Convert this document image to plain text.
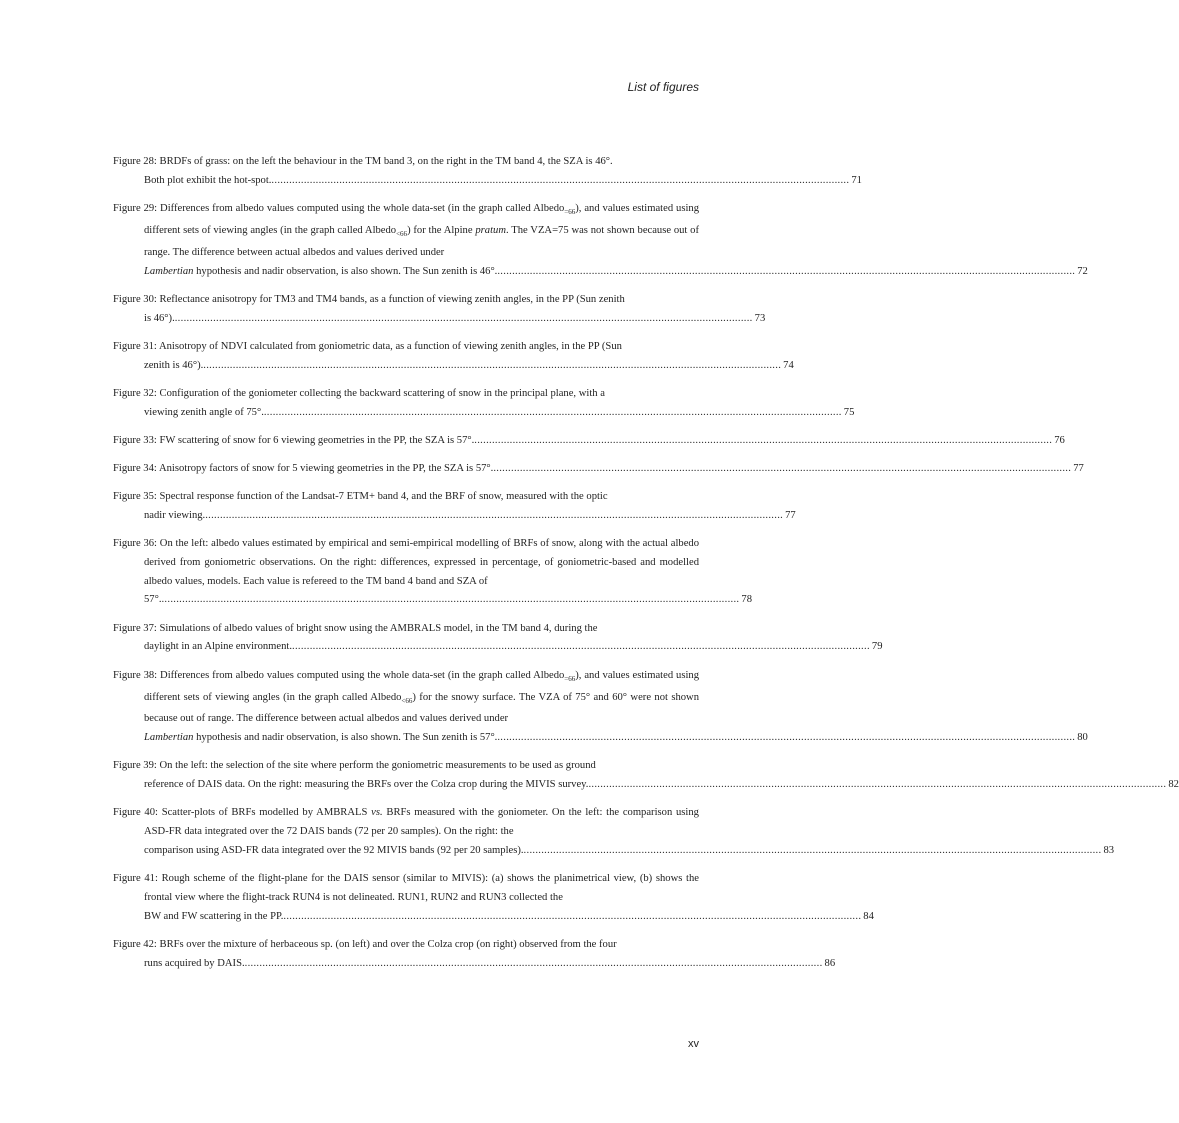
List of figures
Figure 28: BRDFs of grass: on the left the behaviour in the TM band 3, on the right in the TM band 4, the SZA is 46°.
Both plot exhibit the hot-spot. .................................................................................................................................................................................................... 71
Figure 29: Differences from albedo values computed using the whole data-set (in the graph called Albedo$_{=66}$), and values estimated using different sets of viewing angles (in the graph called Albedo$_{<66}$) for the Alpine pratum. The VZA=75 was not shown because out of range. The difference between actual albedos and values derived under
Lambertian hypothesis and nadir observation, is also shown. The Sun zenith is 46°. .................................................................................................................................................................................................... 72
Figure 30: Reflectance anisotropy for TM3 and TM4 bands, as a function of viewing zenith angles, in the PP (Sun zenith
is 46°). .................................................................................................................................................................................................... 73
Figure 31: Anisotropy of NDVI calculated from goniometric data, as a function of viewing zenith angles, in the PP (Sun
zenith is 46°). .................................................................................................................................................................................................... 74
Figure 32: Configuration of the goniometer collecting the backward scattering of snow in the principal plane, with a
viewing zenith angle of 75°. .................................................................................................................................................................................................... 75
Figure 33: FW scattering of snow for 6 viewing geometries in the PP, the SZA is 57°. .................................................................................................................................................................................................... 76
Figure 34: Anisotropy factors of snow for 5 viewing geometries in the PP, the SZA is 57°. .................................................................................................................................................................................................... 77
Figure 35: Spectral response function of the Landsat-7 ETM+ band 4, and the BRF of snow, measured with the optic
nadir viewing. .................................................................................................................................................................................................... 77
Figure 36: On the left: albedo values estimated by empirical and semi-empirical modelling of BRFs of snow, along with the actual albedo derived from goniometric observations. On the right: differences, expressed in percentage, of goniometric-based and modelled albedo values, models. Each value is refereed to the TM band 4 band and SZA of
57°. .................................................................................................................................................................................................... 78
Figure 37: Simulations of albedo values of bright snow using the AMBRALS model, in the TM band 4, during the
daylight in an Alpine environment. .................................................................................................................................................................................................... 79
Figure 38: Differences from albedo values computed using the whole data-set (in the graph called Albedo$_{=66}$), and values estimated using different sets of viewing angles (in the graph called Albedo$_{<66}$) for the snowy surface. The VZA of 75° and 60° were not shown because out of range. The difference between actual albedos and values derived under
Lambertian hypothesis and nadir observation, is also shown. The Sun zenith is 57°. .................................................................................................................................................................................................... 80
Figure 39: On the left: the selection of the site where perform the goniometric measurements to be used as ground
reference of DAIS data. On the right: measuring the BRFs over the Colza crop during the MIVIS survey. .................................................................................................................................................................................................... 82
Figure 40: Scatter-plots of BRFs modelled by AMBRALS vs. BRFs measured with the goniometer. On the left: the comparison using ASD-FR data integrated over the 72 DAIS bands (72 per 20 samples). On the right: the
comparison using ASD-FR data integrated over the 92 MIVIS bands (92 per 20 samples). .................................................................................................................................................................................................... 83
Figure 41: Rough scheme of the flight-plane for the DAIS sensor (similar to MIVIS): (a) shows the planimetrical view, (b) shows the frontal view where the flight-track RUN4 is not delineated. RUN1, RUN2 and RUN3 collected the
BW and FW scattering in the PP. .................................................................................................................................................................................................... 84
Figure 42: BRFs over the mixture of herbaceous sp. (on left) and over the Colza crop (on right) observed from the four
runs acquired by DAIS. .................................................................................................................................................................................................... 86
xv
